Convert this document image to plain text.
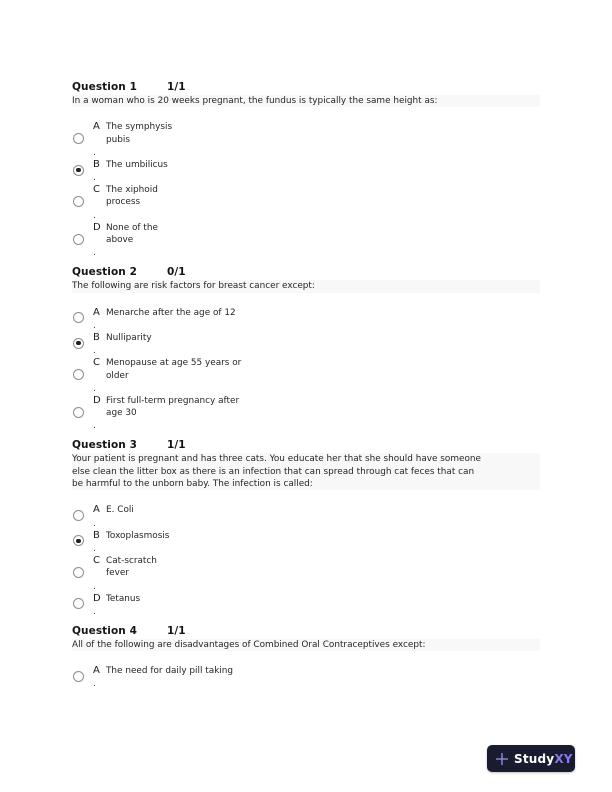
Question 1	1/1
In a woman who is 20 weeks pregnant, the fundus is typically the same height as:
A
.
The symphysis
pubis
B
.
The umbilicus
C
.
The xiphoid
process
D
.
None of the
above
Question 2	0/1
The following are risk factors for breast cancer except:
A
.
Menarche after the age of 12
B
.
Nulliparity
C
.
Menopause at age 55 years or
older
D
.
First full-term pregnancy after
age 30
Question 3	1/1
Your patient is pregnant and has three cats. You educate her that she should have someone
else clean the litter box as there is an infection that can spread through cat feces that can
be harmful to the unborn baby. The infection is called:
A
.
E. Coli
B
.
Toxoplasmosis
C
.
Cat-scratch
fever
D
.
Tetanus
Question 4	1/1
All of the following are disadvantages of Combined Oral Contraceptives except:
A
.
The need for daily pill taking
StudyXY
